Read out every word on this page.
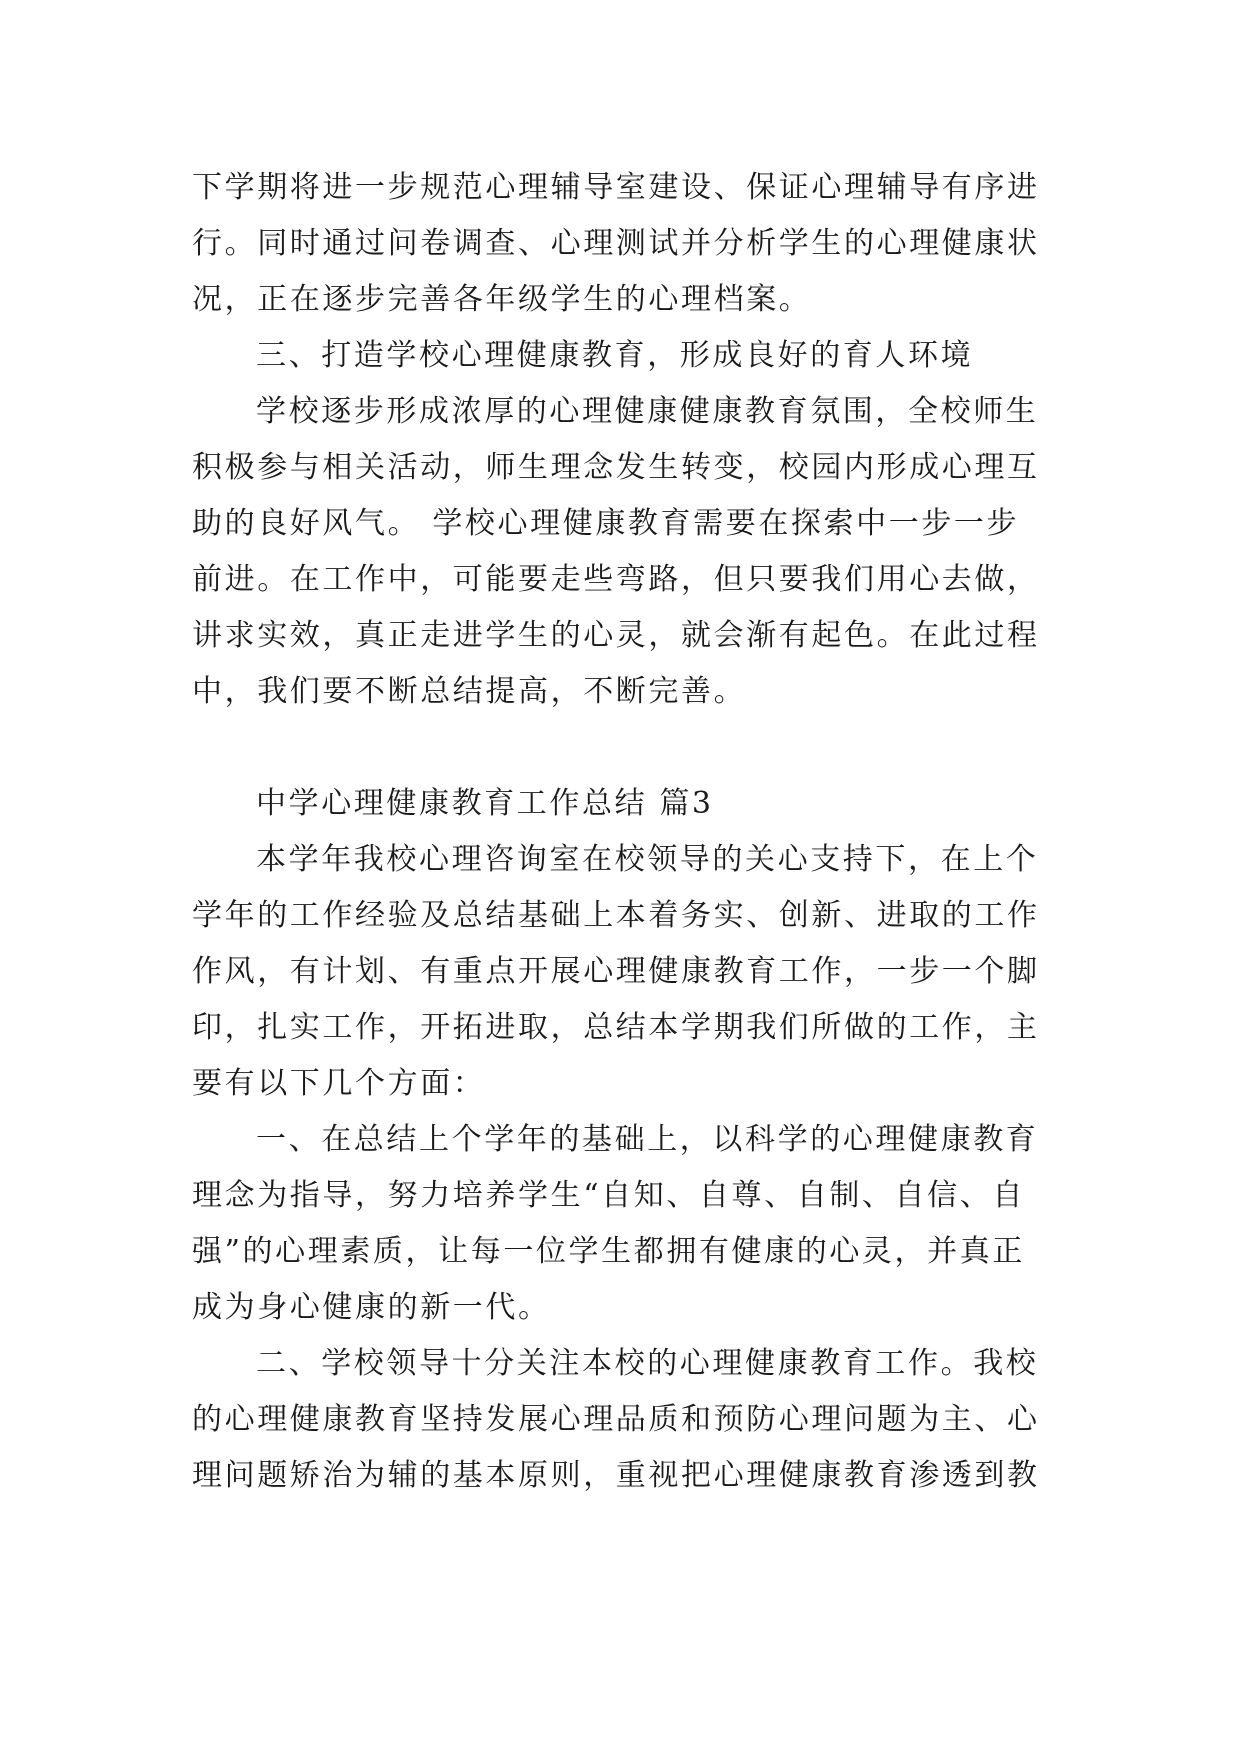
下学期将进一步规范心理辅导室建设、保证心理辅导有序进
行。同时通过问卷调查、心理测试并分析学生的心理健康状
况，正在逐步完善各年级学生的心理档案。
三、打造学校心理健康教育，形成良好的育人环境
学校逐步形成浓厚的心理健康健康教育氛围，全校师生
积极参与相关活动，师生理念发生转变，校园内形成心理互
助的良好风气。 学校心理健康教育需要在探索中一步一步
前进。在工作中，可能要走些弯路，但只要我们用心去做，
讲求实效，真正走进学生的心灵，就会渐有起色。在此过程
中，我们要不断总结提高，不断完善。
中学心理健康教育工作总结 篇3
本学年我校心理咨询室在校领导的关心支持下，在上个
学年的工作经验及总结基础上本着务实、创新、进取的工作
作风，有计划、有重点开展心理健康教育工作，一步一个脚
印，扎实工作，开拓进取，总结本学期我们所做的工作，主
要有以下几个方面：
一、在总结上个学年的基础上，以科学的心理健康教育
理念为指导，努力培养学生“自知、自尊、自制、自信、自
强”的心理素质，让每一位学生都拥有健康的心灵，并真正
成为身心健康的新一代。
二、学校领导十分关注本校的心理健康教育工作。我校
的心理健康教育坚持发展心理品质和预防心理问题为主、心
理问题矫治为辅的基本原则，重视把心理健康教育渗透到教
